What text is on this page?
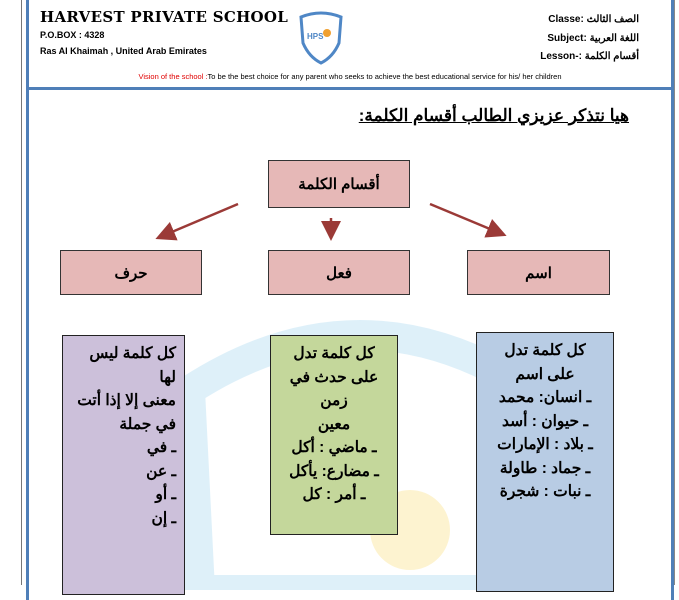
HARVEST PRIVATE SCHOOL
P.O.BOX : 4328
Ras Al Khaimah , United Arab Emirates
HPS
Classe: الصف الثالث
Subject: اللغة العربية
Lesson-: أقسام الكلمة
Vision of the school :To be the best choice for any parent who seeks to achieve the best educational service for his/ her children
هيا نتذكر عزيزي الطالب أقسام الكلمة:
أقسام الكلمة
حرف	فعل	اسم
كل كلمة ليس لها
معنى إلا إذا أتت
في جملة
ـ في
ـ عن
ـ أو
ـ إن
كل كلمة تدل
على حدث في زمن
معين
ـ ماضي : أكل
ـ مضارع: يأكل
ـ أمر : كل
كل كلمة تدل
على اسم
ـ انسان: محمد
ـ حيوان : أسد
ـ بلاد : الإمارات
ـ جماد : طاولة
ـ نبات : شجرة
